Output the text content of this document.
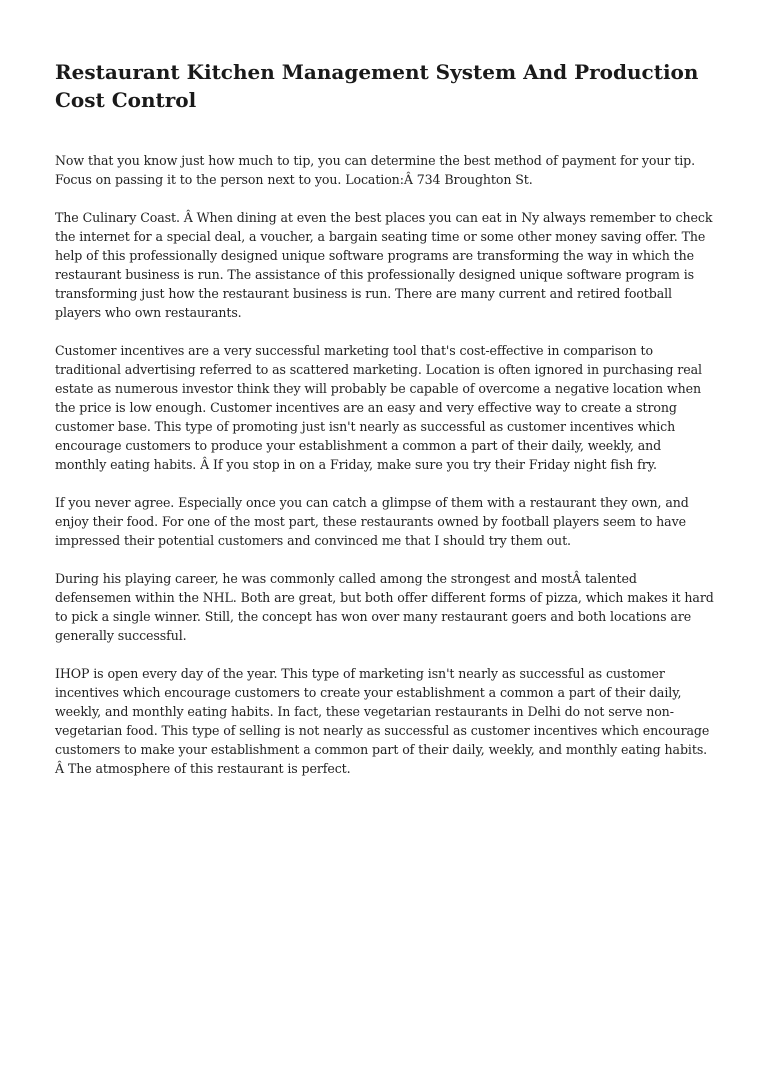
Restaurant Kitchen Management System And Production Cost Control

Now that you know just how much to tip, you can determine the best method of payment for your tip. Focus on passing it to the person next to you. Location:Â 734 Broughton St.

The Culinary Coast. Â When dining at even the best places you can eat in Ny always remember to check the internet for a special deal, a voucher, a bargain seating time or some other money saving offer. The help of this professionally designed unique software programs are transforming the way in which the restaurant business is run. The assistance of this professionally designed unique software program is transforming just how the restaurant business is run. There are many current and retired football players who own restaurants.

Customer incentives are a very successful marketing tool that's cost-effective in comparison to traditional advertising referred to as scattered marketing. Location is often ignored in purchasing real estate as numerous investor think they will probably be capable of overcome a negative location when the price is low enough. Customer incentives are an easy and very effective way to create a strong customer base. This type of promoting just isn't nearly as successful as customer incentives which encourage customers to produce your establishment a common a part of their daily, weekly, and monthly eating habits. Â If you stop in on a Friday, make sure you try their Friday night fish fry.

If you never agree. Especially once you can catch a glimpse of them with a restaurant they own, and enjoy their food. For one of the most part, these restaurants owned by football players seem to have impressed their potential customers and convinced me that I should try them out.

During his playing career, he was commonly called among the strongest and mostÂ talented defensemen within the NHL. Both are great, but both offer different forms of pizza, which makes it hard to pick a single winner. Still, the concept has won over many restaurant goers and both locations are generally successful.

IHOP is open every day of the year. This type of marketing isn't nearly as successful as customer incentives which encourage customers to create your establishment a common a part of their daily, weekly, and monthly eating habits. In fact, these vegetarian restaurants in Delhi do not serve non-vegetarian food. This type of selling is not nearly as successful as customer incentives which encourage customers to make your establishment a common part of their daily, weekly, and monthly eating habits. Â The atmosphere of this restaurant is perfect.
